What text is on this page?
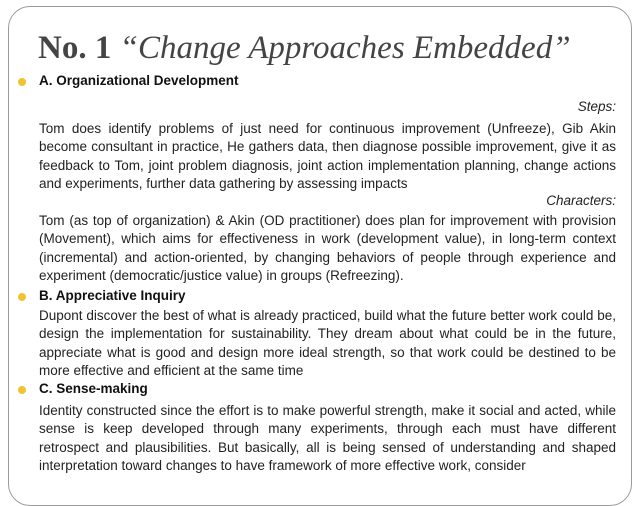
No. 1 “Change Approaches Embedded”
A. Organizational Development
Steps:
Tom does identify problems of just need for continuous improvement (Unfreeze), Gib Akin become consultant in practice, He gathers data, then diagnose possible improvement, give it as feedback to Tom, joint problem diagnosis, joint action implementation planning, change actions and experiments, further data gathering by assessing impacts
Characters:
Tom (as top of organization) & Akin (OD practitioner) does plan for improvement with provision (Movement), which aims for effectiveness in work (development value), in long-term context (incremental) and action-oriented, by changing behaviors of people through experience and experiment (democratic/justice value) in groups (Refreezing).
B. Appreciative Inquiry
Dupont discover the best of what is already practiced, build what the future better work could be, design the implementation for sustainability. They dream about what could be in the future, appreciate what is good and design more ideal strength, so that work could be destined to be more effective and efficient at the same time
C. Sense-making
Identity constructed since the effort is to make powerful strength, make it social and acted, while sense is keep developed through many experiments, through each must have different retrospect and plausibilities. But basically, all is being sensed of understanding and shaped interpretation toward changes to have framework of more effective work, consider
